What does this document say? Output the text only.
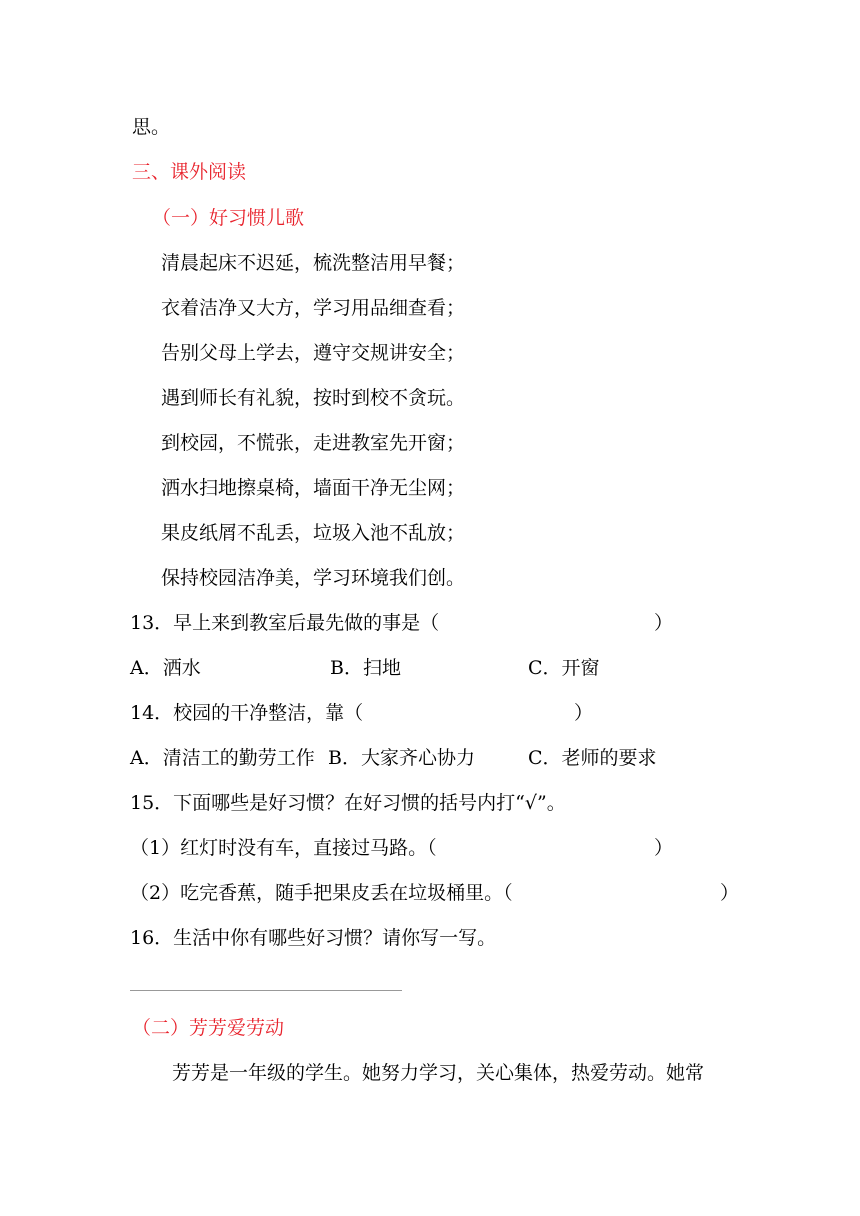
思。
三、课外阅读
（一）好习惯儿歌
清晨起床不迟延，梳洗整洁用早餐；
衣着洁净又大方，学习用品细查看；
告别父母上学去，遵守交规讲安全；
遇到师长有礼貌，按时到校不贪玩。
到校园，不慌张，走进教室先开窗；
洒水扫地擦桌椅，墙面干净无尘网；
果皮纸屑不乱丢，垃圾入池不乱放；
保持校园洁净美，学习环境我们创。
13．早上来到教室后最先做的事是（	）
A．洒水	B．扫地	C．开窗
14．校园的干净整洁，靠（	）
A．清洁工的勤劳工作 B．大家齐心协力	C．老师的要求
15．下面哪些是好习惯？在好习惯的括号内打“√”。
（1）红灯时没有车，直接过马路。（	）
（2）吃完香蕉，随手把果皮丢在垃圾桶里。（	）
16．生活中你有哪些好习惯？请你写一写。
（二）芳芳爱劳动
芳芳是一年级的学生。她努力学习，关心集体，热爱劳动。她常
